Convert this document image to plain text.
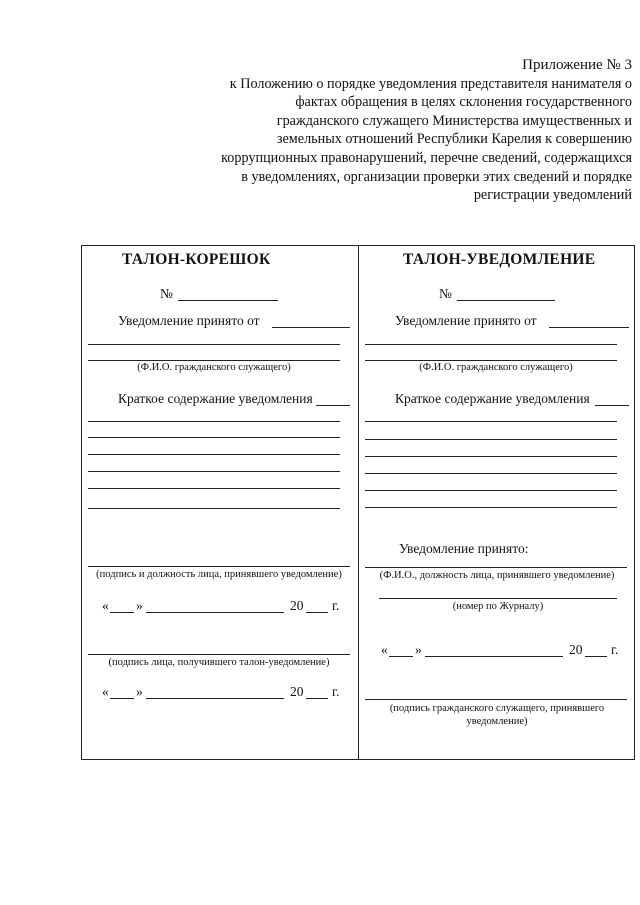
Приложение № 3
к Положению о порядке уведомления представителя нанимателя о фактах обращения в целях склонения государственного гражданского служащего Министерства имущественных и земельных отношений Республики Карелия к совершению коррупционных правонарушений, перечне сведений, содержащихся в уведомлениях, организации проверки этих сведений и порядке регистрации уведомлений
ТАЛОН-КОРЕШОК
№
Уведомление принято от
(Ф.И.О. гражданского служащего)
Краткое содержание уведомления
(подпись и должность лица, принявшего уведомление)
« »	20 г.
(подпись лица, получившего талон-уведомление)
« »	20 г.
ТАЛОН-УВЕДОМЛЕНИЕ
№
Уведомление принято от
(Ф.И.О. гражданского служащего)
Краткое содержание уведомления
Уведомление принято:
(Ф.И.О., должность лица, принявшего уведомление)
(номер по Журналу)
« »	20 г.
(подпись гражданского служащего, принявшего уведомление)
